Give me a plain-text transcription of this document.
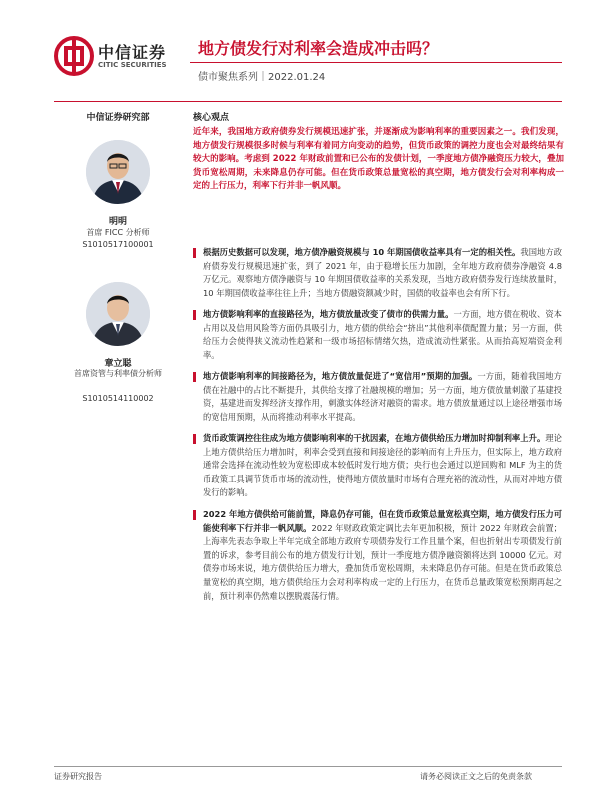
中信证券
CITIC SECURITIES
地方债发行对利率会造成冲击吗？
债市聚焦系列｜2022.01.24
中信证券研究部
明明
首席 FICC 分析师
S1010517100001
章立聪
首席资管与利率债分析师
S1010514110002
核心观点
近年来，我国地方政府债券发行规模迅速扩张，并逐渐成为影响利率的重要因素之一。我们发现，地方债发行规模很多时候与利率有着同方向变动的趋势，但货币政策的调控力度也会对最终结果有较大的影响。考虑到 2022 年财政前置和已公布的发债计划，一季度地方债净融资压力较大，叠加货币宽松周期，未来降息仍存可能。但在货币政策总量宽松的真空期，地方债发行会对利率构成一定的上行压力，利率下行并非一帆风顺。
根据历史数据可以发现，地方债净融资规模与 10 年期国债收益率具有一定的相关性。我国地方政府债券发行规模迅速扩张，到了 2021 年，由于稳增长压力加剧，全年地方政府债券净融资 4.8 万亿元。观察地方债净融资与 10 年期国债收益率的关系发现，当地方政府债券发行连续放量时，10 年期国债收益率往往上升；当地方债融资额减少时，国债的收益率也会有所下行。
地方债影响利率的直接路径为，地方债放量改变了债市的供需力量。一方面，地方债在税收、资本占用以及信用风险等方面仍具吸引力，地方债的供给会“挤出”其他利率债配置力量；另一方面，供给压力会使得狭义流动性趋紧和一级市场招标情绪欠热，造成流动性紧张。从而抬高短端资金利率。
地方债影响利率的间接路径为，地方债放量促进了“宽信用”预期的加强。一方面，随着我国地方债在社融中的占比不断提升，其供给支撑了社融规模的增加；另一方面，地方债放量刺激了基建投资，基建进而发挥经济支撑作用，刺激实体经济对融资的需求。地方债放量通过以上途径增强市场的宽信用预期，从而将推动利率水平提高。
货币政策调控往往成为地方债影响利率的干扰因素，在地方债供给压力增加时抑制利率上升。理论上地方债供给压力增加时，利率会受到直接和间接途径的影响而有上升压力，但实际上，地方政府通常会选择在流动性较为宽松即成本较低时发行地方债；央行也会通过以逆回购和 MLF 为主的货币政策工具调节货币市场的流动性，使得地方债放量时市场有合理充裕的流动性，从而对冲地方债发行的影响。
2022 年地方债供给可能前置，降息仍存可能，但在货币政策总量宽松真空期，地方债发行压力可能使利率下行并非一帆风顺。2022 年财政政策定调比去年更加积极，预计 2022 年财政会前置；上海率先表态争取上半年完成全部地方政府专项债券发行工作且量个案，但也折射出专项债发行前置的诉求，参考目前公布的地方债发行计划，预计一季度地方债净融资额将达到 10000 亿元。对债券市场来说，地方债供给压力增大，叠加货币宽松周期，未来降息仍存可能。但是在货币政策总量宽松的真空期，地方债供给压力会对利率构成一定的上行压力，在货币总量政策宽松预期再起之前，预计利率仍然难以摆脱震荡行情。
证券研究报告	请务必阅读正文之后的免责条款
